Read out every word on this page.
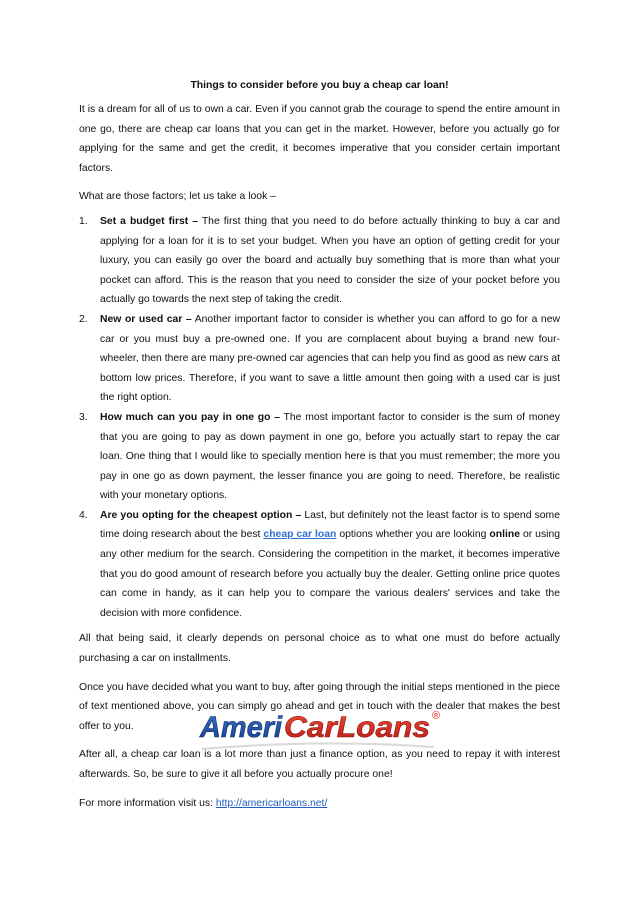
Things to consider before you buy a cheap car loan!

It is a dream for all of us to own a car. Even if you cannot grab the courage to spend the entire amount in one go, there are cheap car loans that you can get in the market. However, before you actually go for applying for the same and get the credit, it becomes imperative that you consider certain important factors.

What are those factors; let us take a look –

1. Set a budget first – The first thing that you need to do before actually thinking to buy a car and applying for a loan for it is to set your budget. When you have an option of getting credit for your luxury, you can easily go over the board and actually buy something that is more than what your pocket can afford. This is the reason that you need to consider the size of your pocket before you actually go towards the next step of taking the credit.
2. New or used car – Another important factor to consider is whether you can afford to go for a new car or you must buy a pre-owned one. If you are complacent about buying a brand new four-wheeler, then there are many pre-owned car agencies that can help you find as good as new cars at bottom low prices. Therefore, if you want to save a little amount then going with a used car is just the right option.
3. How much can you pay in one go – The most important factor to consider is the sum of money that you are going to pay as down payment in one go, before you actually start to repay the car loan. One thing that I would like to specially mention here is that you must remember; the more you pay in one go as down payment, the lesser finance you are going to need. Therefore, be realistic with your monetary options.
4. Are you opting for the cheapest option – Last, but definitely not the least factor is to spend some time doing research about the best cheap car loan options whether you are looking online or using any other medium for the search. Considering the competition in the market, it becomes imperative that you do good amount of research before you actually buy the dealer. Getting online price quotes can come in handy, as it can help you to compare the various dealers' services and take the decision with more confidence.

All that being said, it clearly depends on personal choice as to what one must do before actually purchasing a car on installments.

Once you have decided what you want to buy, after going through the initial steps mentioned in the piece of text mentioned above, you can simply go ahead and get in touch with the dealer that makes the best offer to you.

After all, a cheap car loan is a lot more than just a finance option, as you need to repay it with interest afterwards. So, be sure to give it all before you actually procure one!

For more information visit us: http://americarloans.net/

Ameri CarLoans ®
